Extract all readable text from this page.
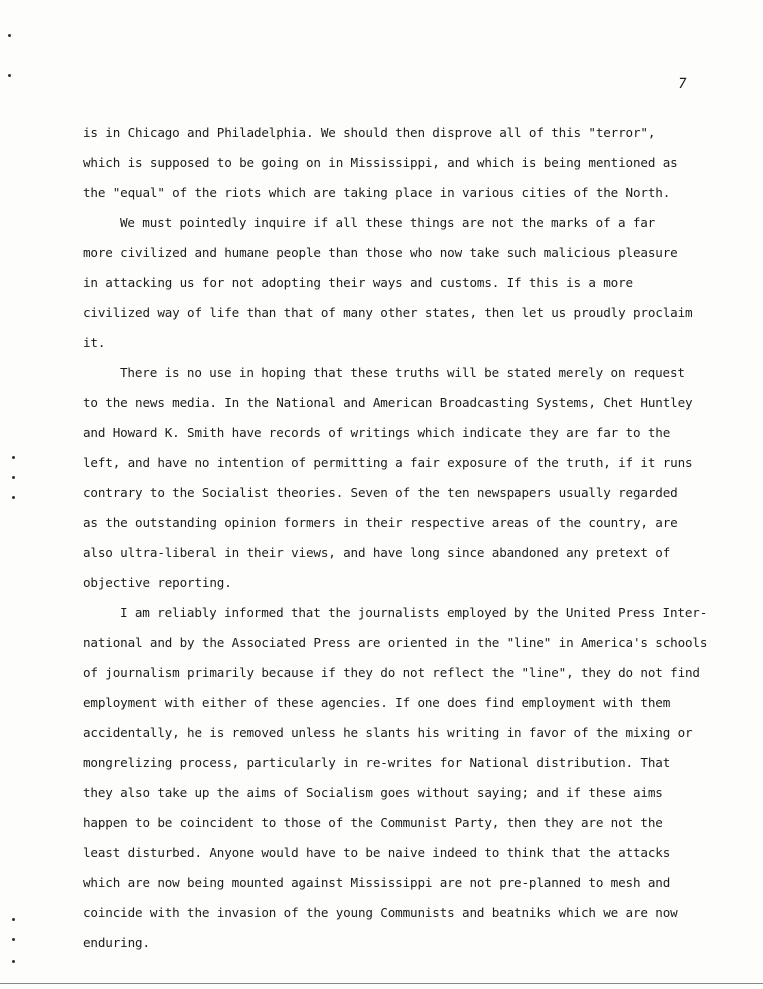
7
is in Chicago and Philadelphia. We should then disprove all of this "terror",
which is supposed to be going on in Mississippi, and which is being mentioned as
the "equal" of the riots which are taking place in various cities of the North.
We must pointedly inquire if all these things are not the marks of a far
more civilized and humane people than those who now take such malicious pleasure
in attacking us for not adopting their ways and customs. If this is a more
civilized way of life than that of many other states, then let us proudly proclaim
it.
There is no use in hoping that these truths will be stated merely on request
to the news media. In the National and American Broadcasting Systems, Chet Huntley
and Howard K. Smith have records of writings which indicate they are far to the
left, and have no intention of permitting a fair exposure of the truth, if it runs
contrary to the Socialist theories. Seven of the ten newspapers usually regarded
as the outstanding opinion formers in their respective areas of the country, are
also ultra-liberal in their views, and have long since abandoned any pretext of
objective reporting.
I am reliably informed that the journalists employed by the United Press Inter-
national and by the Associated Press are oriented in the "line" in America's schools
of journalism primarily because if they do not reflect the "line", they do not find
employment with either of these agencies. If one does find employment with them
accidentally, he is removed unless he slants his writing in favor of the mixing or
mongrelizing process, particularly in re-writes for National distribution. That
they also take up the aims of Socialism goes without saying; and if these aims
happen to be coincident to those of the Communist Party, then they are not the
least disturbed. Anyone would have to be naive indeed to think that the attacks
which are now being mounted against Mississippi are not pre-planned to mesh and
coincide with the invasion of the young Communists and beatniks which we are now
enduring.
